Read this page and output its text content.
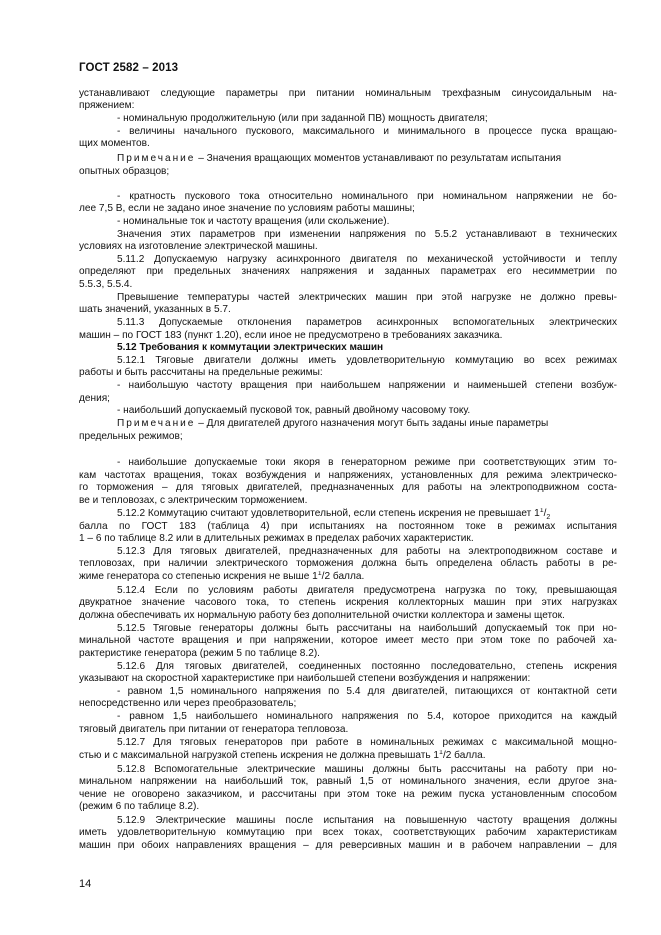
ГОСТ 2582 – 2013
устанавливают следующие параметры при питании номинальным трехфазным синусоидальным на-
пряжением:
- номинальную продолжительную (или при заданной ПВ) мощность двигателя;
- величины начального пускового, максимального и минимального в процессе пуска вращаю-
щих моментов.
Примечание – Значения вращающих моментов устанавливают по результатам испытания
опытных образцов;
- кратность пускового тока относительно номинального при номинальном напряжении не бо-
лее 7,5 В, если не задано иное значение по условиям работы машины;
- номинальные ток и частоту вращения (или скольжение).
Значения этих параметров при изменении напряжения по 5.5.2 устанавливают в технических
условиях на изготовление электрической машины.
5.11.2 Допускаемую нагрузку асинхронного двигателя по механической устойчивости и теплу
определяют при предельных значениях напряжения и заданных параметрах его несимметрии по
5.5.3, 5.5.4.
Превышение температуры частей электрических машин при этой нагрузке не должно превы-
шать значений, указанных в 5.7.
5.11.3 Допускаемые отклонения параметров асинхронных вспомогательных электрических
машин – по ГОСТ 183 (пункт 1.20), если иное не предусмотрено в требованиях заказчика.
5.12 Требования к коммутации электрических машин
5.12.1 Тяговые двигатели должны иметь удовлетворительную коммутацию во всех режимах
работы и быть рассчитаны на предельные режимы:
- наибольшую частоту вращения при наибольшем напряжении и наименьшей степени возбуж-
дения;
- наибольший допускаемый пусковой ток, равный двойному часовому току.
Примечание – Для двигателей другого назначения могут быть заданы иные параметры
предельных режимов;
- наибольшие допускаемые токи якоря в генераторном режиме при соответствующих этим то-
кам частотах вращения, токах возбуждения и напряжениях, установленных для режима электрическо-
го торможения – для тяговых двигателей, предназначенных для работы на электроподвижном соста-
ве и тепловозах, с электрическим торможением.
5.12.2 Коммутацию считают удовлетворительной, если степень искрения не превышает $1^1/_2$
балла по ГОСТ 183 (таблица 4) при испытаниях на постоянном токе в режимах испытания
1 – 6 по таблице 8.2 или в длительных режимах в пределах рабочих характеристик.
5.12.3 Для тяговых двигателей, предназначенных для работы на электроподвижном составе и
тепловозах, при наличии электрического торможения должна быть определена область работы в ре-
жиме генератора со степенью искрения не выше $1^1/2$ балла.
5.12.4 Если по условиям работы двигателя предусмотрена нагрузка по току, превышающая
двукратное значение часового тока, то степень искрения коллекторных машин при этих нагрузках
должна обеспечивать их нормальную работу без дополнительной очистки коллектора и замены щеток.
5.12.5 Тяговые генераторы должны быть рассчитаны на наибольший допускаемый ток при но-
минальной частоте вращения и при напряжении, которое имеет место при этом токе по рабочей ха-
рактеристике генератора (режим 5 по таблице 8.2).
5.12.6 Для тяговых двигателей, соединенных постоянно последовательно, степень искрения
указывают на скоростной характеристике при наибольшей степени возбуждения и напряжении:
- равном 1,5 номинального напряжения по 5.4 для двигателей, питающихся от контактной сети
непосредственно или через преобразователь;
- равном 1,5 наибольшего номинального напряжения по 5.4, которое приходится на каждый
тяговый двигатель при питании от генератора тепловоза.
5.12.7 Для тяговых генераторов при работе в номинальных режимах с максимальной мощно-
стью и с максимальной нагрузкой степень искрения не должна превышать $1^1/2$ балла.
5.12.8 Вспомогательные электрические машины должны быть рассчитаны на работу при но-
минальном напряжении на наибольший ток, равный 1,5 от номинального значения, если другое зна-
чение не оговорено заказчиком, и рассчитаны при этом токе на режим пуска установленным способом
(режим 6 по таблице 8.2).
5.12.9 Электрические машины после испытания на повышенную частоту вращения должны
иметь удовлетворительную коммутацию при всех токах, соответствующих рабочим характеристикам
машин при обоих направлениях вращения – для реверсивных машин и в рабочем направлении – для
14
